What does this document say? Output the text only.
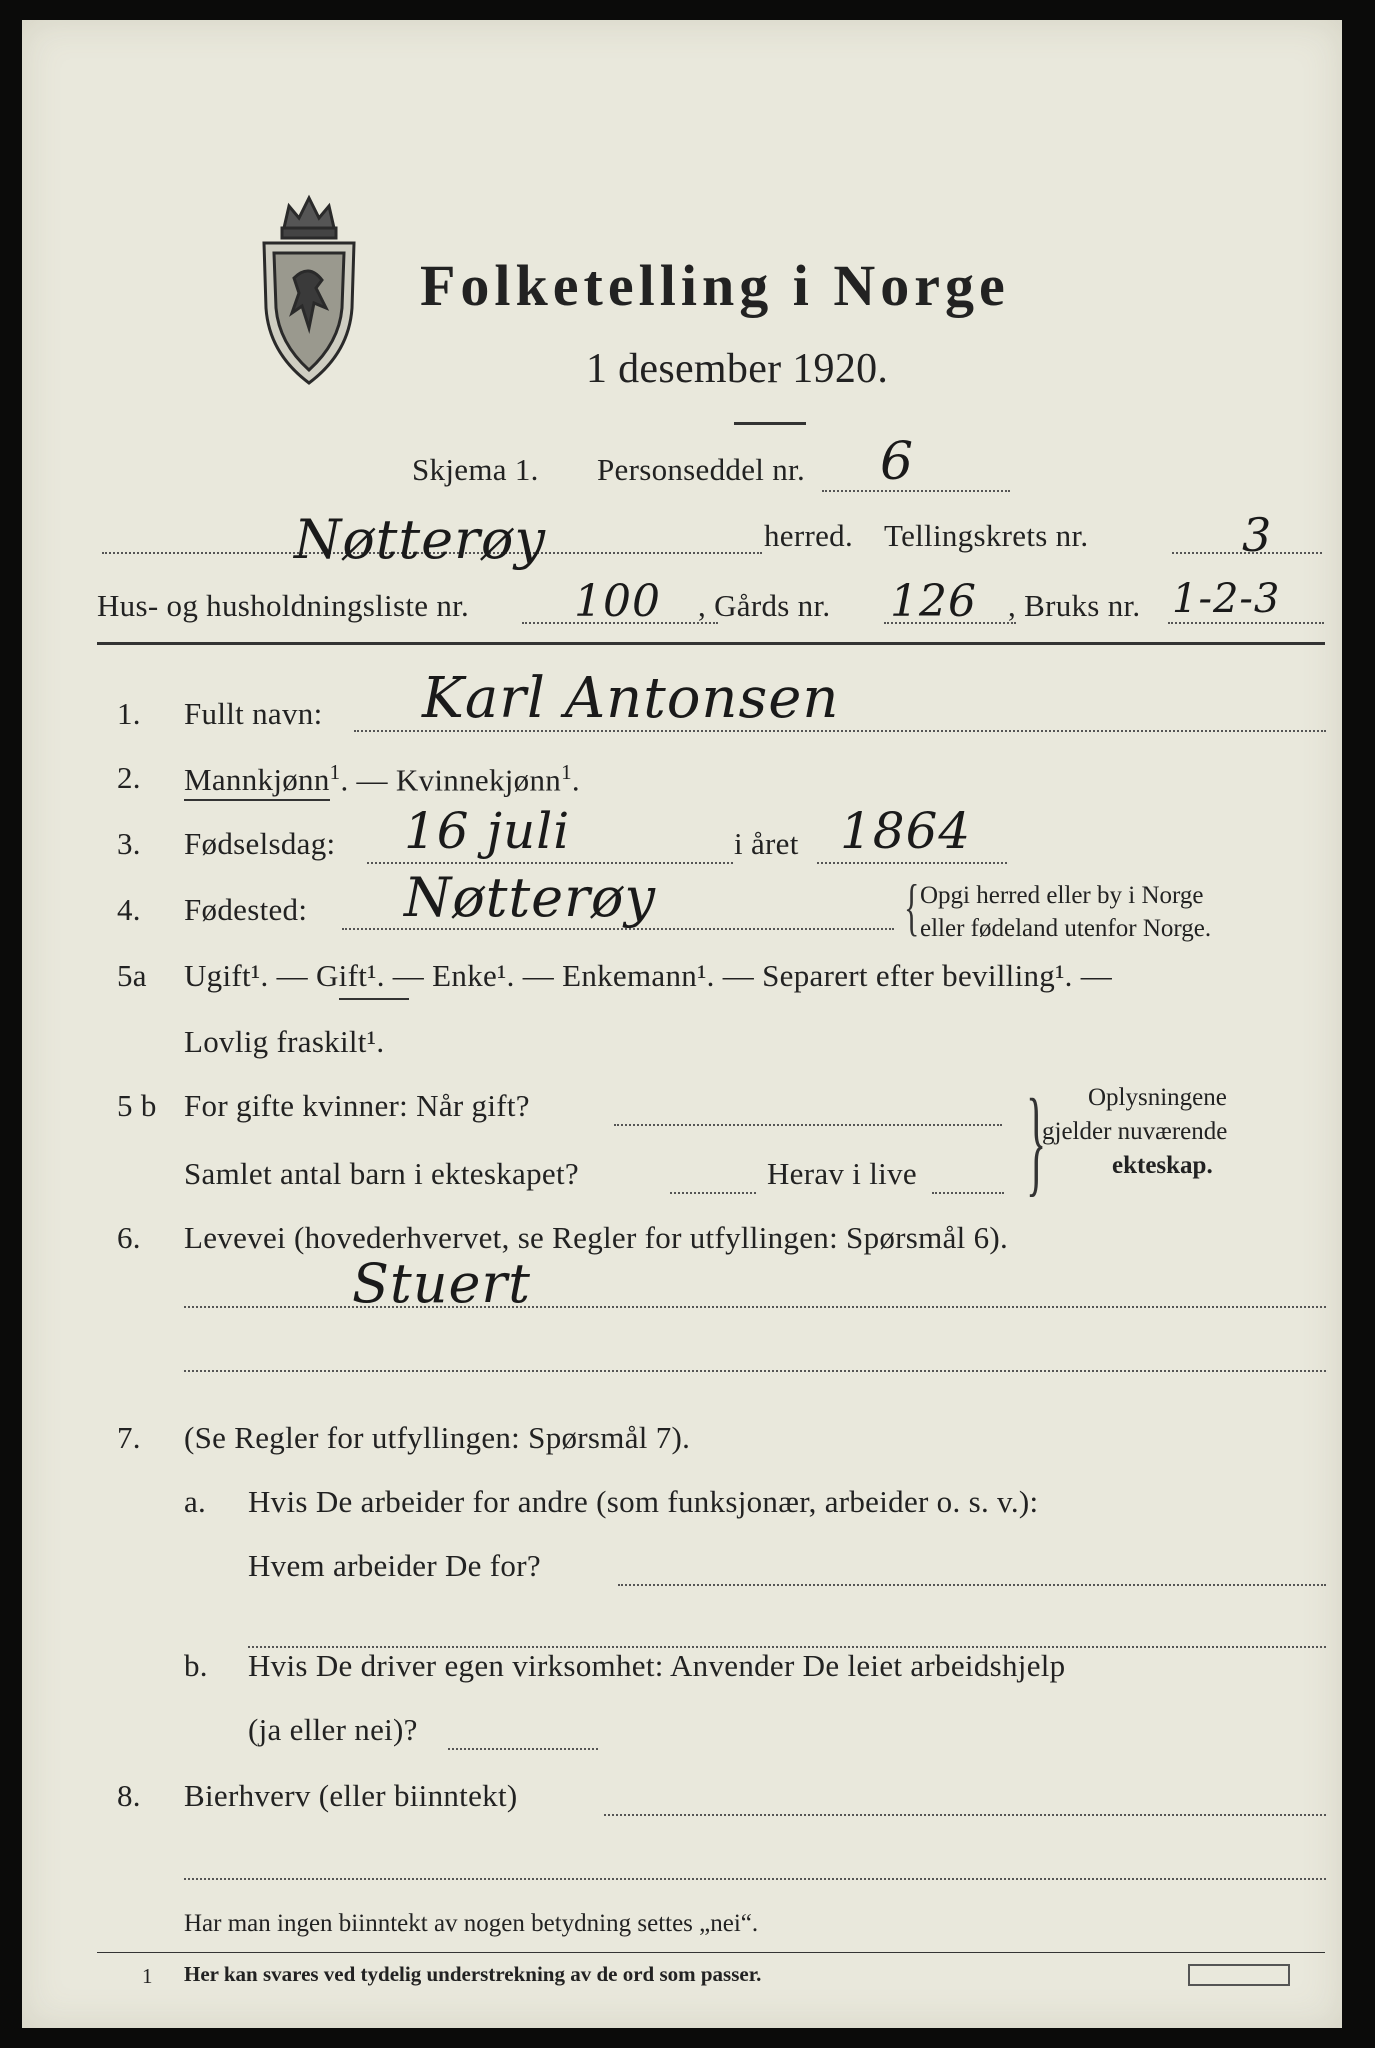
Folketelling i Norge
1 desember 1920.
Skjema 1. Personseddel nr. 6
Nøtterøy	herred. Tellingskrets nr.	3
Hus- og husholdningsliste nr. 100 , Gårds nr. 126 , Bruks nr. 1-2-3
1. Fullt navn: Karl Antonsen
2. Mannkjønn$^1$. — Kvinnekjønn$^1$.
3. Fødselsdag: 16 juli	i året 1864
4. Fødested: Nøtterøy	{ Opgi herred eller by i Norge
eller fødeland utenfor Norge.
5a Ugift¹. — Gift¹. — Enke¹. — Enkemann¹. — Separert efter bevilling¹. —
Lovlig fraskilt¹.
5 b For gifte kvinner: Når gift?
Samlet antal barn i ekteskapet?	Herav i live } Oplysningene
gjelder nuværende
ekteskap.
6. Levevei (hovederhvervet, se Regler for utfyllingen: Spørsmål 6).
Stuert
7. (Se Regler for utfyllingen: Spørsmål 7).
a. Hvis De arbeider for andre (som funksjonær, arbeider o. s. v.):
Hvem arbeider De for?
b. Hvis De driver egen virksomhet: Anvender De leiet arbeidshjelp
(ja eller nei)?
8. Bierhverv (eller biinntekt)
Har man ingen biinntekt av nogen betydning settes „nei“.
1 Her kan svares ved tydelig understrekning av de ord som passer.
